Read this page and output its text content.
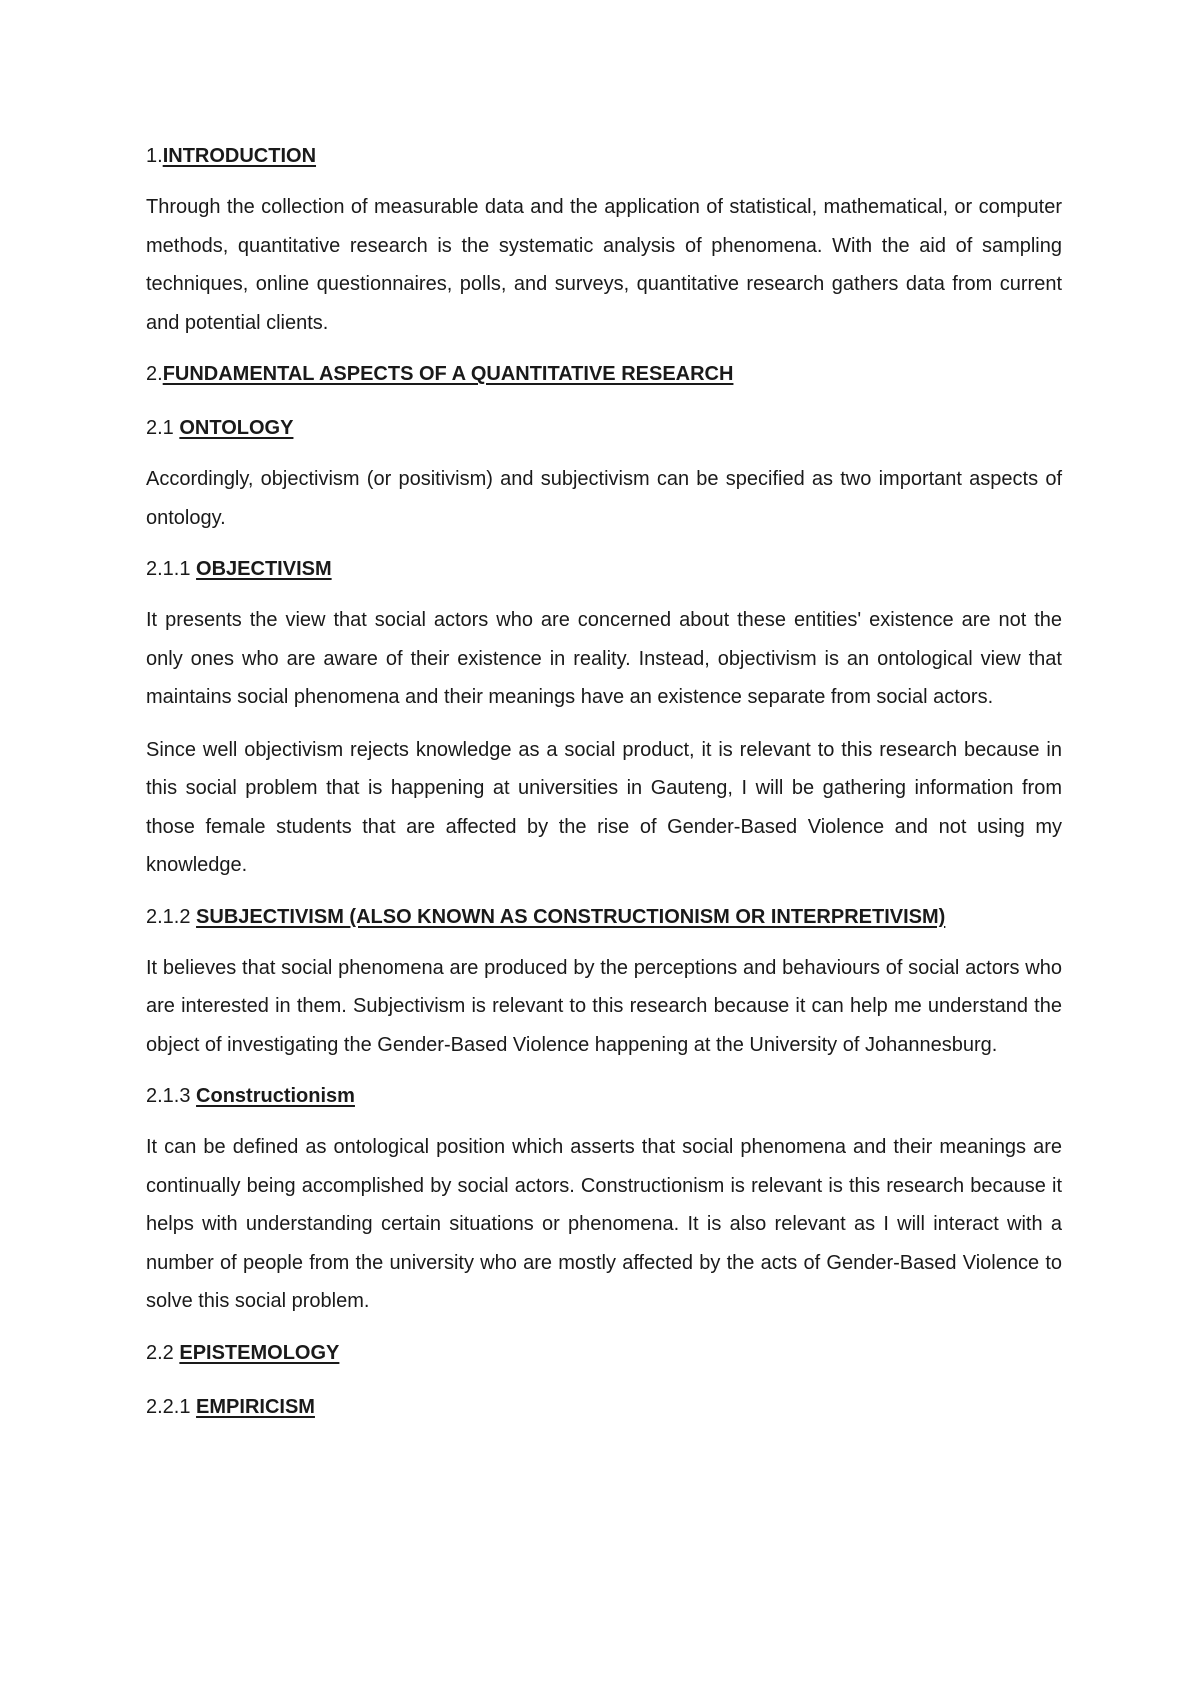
1.INTRODUCTION

Through the collection of measurable data and the application of statistical, mathematical, or computer methods, quantitative research is the systematic analysis of phenomena. With the aid of sampling techniques, online questionnaires, polls, and surveys, quantitative research gathers data from current and potential clients.

2.FUNDAMENTAL ASPECTS OF A QUANTITATIVE RESEARCH
2.1 ONTOLOGY

Accordingly, objectivism (or positivism) and subjectivism can be specified as two important aspects of ontology.

2.1.1 OBJECTIVISM

It presents the view that social actors who are concerned about these entities' existence are not the only ones who are aware of their existence in reality. Instead, objectivism is an ontological view that maintains social phenomena and their meanings have an existence separate from social actors.

Since well objectivism rejects knowledge as a social product, it is relevant to this research because in this social problem that is happening at universities in Gauteng, I will be gathering information from those female students that are affected by the rise of Gender-Based Violence and not using my knowledge.

2.1.2 SUBJECTIVISM (ALSO KNOWN AS CONSTRUCTIONISM OR INTERPRETIVISM)

It believes that social phenomena are produced by the perceptions and behaviours of social actors who are interested in them. Subjectivism is relevant to this research because it can help me understand the object of investigating the Gender-Based Violence happening at the University of Johannesburg.

2.1.3 Constructionism

It can be defined as ontological position which asserts that social phenomena and their meanings are continually being accomplished by social actors. Constructionism is relevant is this research because it helps with understanding certain situations or phenomena. It is also relevant as I will interact with a number of people from the university who are mostly affected by the acts of Gender-Based Violence to solve this social problem.

2.2 EPISTEMOLOGY
2.2.1 EMPIRICISM
